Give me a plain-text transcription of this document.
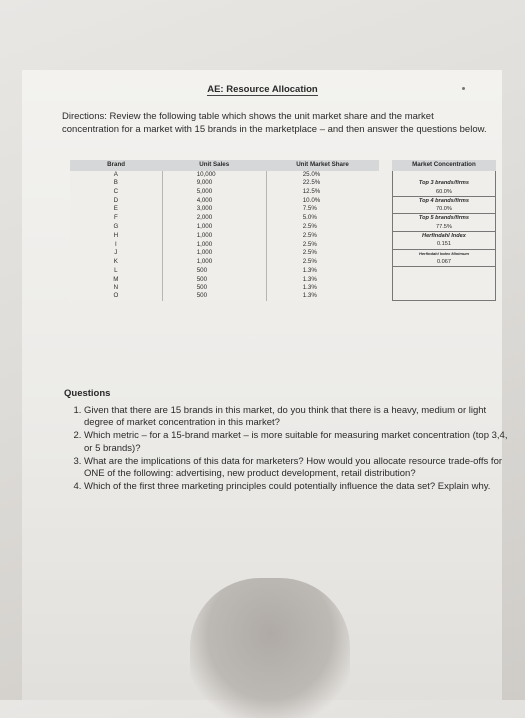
AE: Resource Allocation
Directions: Review the following table which shows the unit market share and the market concentration for a market with 15 brands in the marketplace – and then answer the questions below.
Brand	Unit Sales	Unit Market Share		Market Concentration
A	10,000	25.0%		
B	9,000	22.5%		Top 3 brands/firms
C	5,000	12.5%		60.0%
D	4,000	10.0%		Top 4 brands/firms
E	3,000	7.5%		70.0%
F	2,000	5.0%		Top 5 brands/firms
G	1,000	2.5%		77.5%
H	1,000	2.5%		Herfindahl Index
I	1,000	2.5%		0.151
J	1,000	2.5%		Herfindahl Index Minimum
K	1,000	2.5%		0.067
L	500	1.3%		
M	500	1.3%		
N	500	1.3%		
O	500	1.3%		
Questions
1. Given that there are 15 brands in this market, do you think that there is a heavy, medium or light degree of market concentration in this market?
2. Which metric – for a 15-brand market – is more suitable for measuring market concentration (top 3,4, or 5 brands)?
3. What are the implications of this data for marketers? How would you allocate resource trade-offs for ONE of the following: advertising, new product development, retail distribution?
4. Which of the first three marketing principles could potentially influence the data set? Explain why.
